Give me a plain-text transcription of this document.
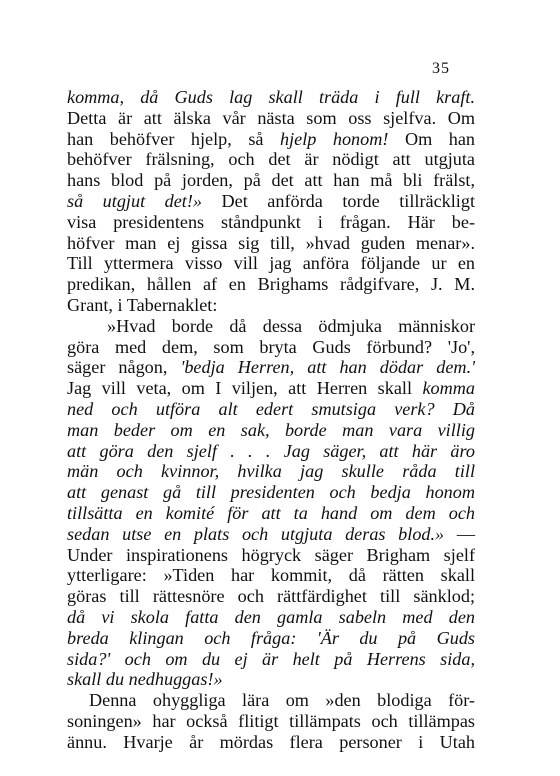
35
komma, då Guds lag skall träda i full kraft.
Detta är att älska vår nästa som oss sjelfva. Om
han behöfver hjelp, så hjelp honom! Om han
behöfver frälsning, och det är nödigt att utgjuta
hans blod på jorden, på det att han må bli frälst,
så utgjut det!» Det anförda torde tillräckligt
visa presidentens ståndpunkt i frågan. Här be-
höfver man ej gissa sig till, »hvad guden menar».
Till yttermera visso vill jag anföra följande ur en
predikan, hållen af en Brighams rådgifvare, J. M.
Grant, i Tabernaklet:
»Hvad borde då dessa ödmjuka människor
göra med dem, som bryta Guds förbund? 'Jo',
säger någon, 'bedja Herren, att han dödar dem.'
Jag vill veta, om I viljen, att Herren skall komma
ned och utföra alt edert smutsiga verk? Då
man beder om en sak, borde man vara villig
att göra den sjelf . . . Jag säger, att här äro
män och kvinnor, hvilka jag skulle råda till
att genast gå till presidenten och bedja honom
tillsätta en komité för att ta hand om dem och
sedan utse en plats och utgjuta deras blod.» —
Under inspirationens högryck säger Brigham sjelf
ytterligare: »Tiden har kommit, då rätten skall
göras till rättesnöre och rättfärdighet till sänklod;
då vi skola fatta den gamla sabeln med den
breda klingan och fråga: 'Är du på Guds
sida?' och om du ej är helt på Herrens sida,
skall du nedhuggas!»
Denna ohyggliga lära om »den blodiga för-
soningen» har också flitigt tillämpats och tillämpas
ännu. Hvarje år mördas flera personer i Utah
